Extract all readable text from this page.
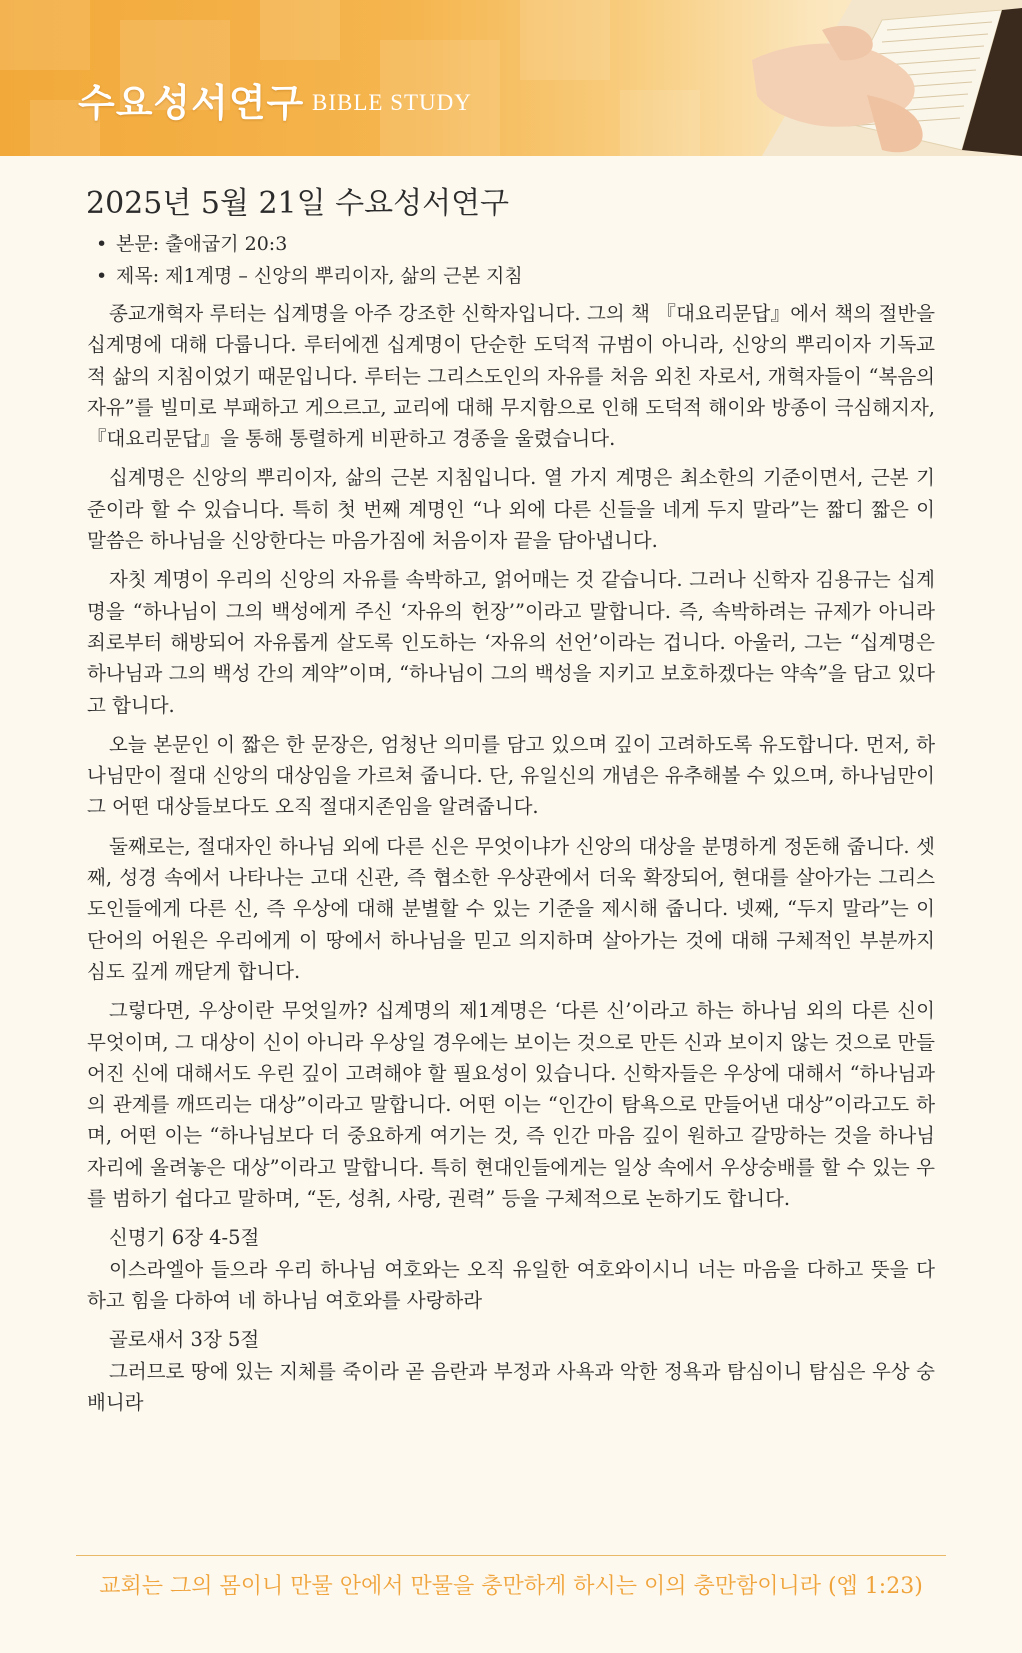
수요성서연구 BIBLE STUDY
2025년 5월 21일 수요성서연구
• 본문: 출애굽기 20:3
• 제목: 제1계명 – 신앙의 뿌리이자, 삶의 근본 지침

종교개혁자 루터는 십계명을 아주 강조한 신학자입니다. 그의 책 『대요리문답』에서 책의 절반을 십계명에 대해 다룹니다. 루터에겐 십계명이 단순한 도덕적 규범이 아니라, 신앙의 뿌리이자 기독교적 삶의 지침이었기 때문입니다. 루터는 그리스도인의 자유를 처음 외친 자로서, 개혁자들이 “복음의 자유”를 빌미로 부패하고 게으르고, 교리에 대해 무지함으로 인해 도덕적 해이와 방종이 극심해지자, 『대요리문답』을 통해 통렬하게 비판하고 경종을 울렸습니다.

십계명은 신앙의 뿌리이자, 삶의 근본 지침입니다. 열 가지 계명은 최소한의 기준이면서, 근본 기준이라 할 수 있습니다. 특히 첫 번째 계명인 “나 외에 다른 신들을 네게 두지 말라”는 짧디 짧은 이 말씀은 하나님을 신앙한다는 마음가짐에 처음이자 끝을 담아냅니다.

자칫 계명이 우리의 신앙의 자유를 속박하고, 얽어매는 것 같습니다. 그러나 신학자 김용규는 십계명을 “하나님이 그의 백성에게 주신 ‘자유의 헌장’”이라고 말합니다. 즉, 속박하려는 규제가 아니라 죄로부터 해방되어 자유롭게 살도록 인도하는 ‘자유의 선언’이라는 겁니다. 아울러, 그는 “십계명은 하나님과 그의 백성 간의 계약”이며, “하나님이 그의 백성을 지키고 보호하겠다는 약속”을 담고 있다고 합니다.

오늘 본문인 이 짧은 한 문장은, 엄청난 의미를 담고 있으며 깊이 고려하도록 유도합니다. 먼저, 하나님만이 절대 신앙의 대상임을 가르쳐 줍니다. 단, 유일신의 개념은 유추해볼 수 있으며, 하나님만이 그 어떤 대상들보다도 오직 절대지존임을 알려줍니다.

둘째로는, 절대자인 하나님 외에 다른 신은 무엇이냐가 신앙의 대상을 분명하게 정돈해 줍니다. 셋째, 성경 속에서 나타나는 고대 신관, 즉 협소한 우상관에서 더욱 확장되어, 현대를 살아가는 그리스도인들에게 다른 신, 즉 우상에 대해 분별할 수 있는 기준을 제시해 줍니다. 넷째, “두지 말라”는 이 단어의 어원은 우리에게 이 땅에서 하나님을 믿고 의지하며 살아가는 것에 대해 구체적인 부분까지 심도 깊게 깨닫게 합니다.

그렇다면, 우상이란 무엇일까? 십계명의 제1계명은 ‘다른 신’이라고 하는 하나님 외의 다른 신이 무엇이며, 그 대상이 신이 아니라 우상일 경우에는 보이는 것으로 만든 신과 보이지 않는 것으로 만들어진 신에 대해서도 우린 깊이 고려해야 할 필요성이 있습니다. 신학자들은 우상에 대해서 “하나님과의 관계를 깨뜨리는 대상”이라고 말합니다. 어떤 이는 “인간이 탐욕으로 만들어낸 대상”이라고도 하며, 어떤 이는 “하나님보다 더 중요하게 여기는 것, 즉 인간 마음 깊이 원하고 갈망하는 것을 하나님 자리에 올려놓은 대상”이라고 말합니다. 특히 현대인들에게는 일상 속에서 우상숭배를 할 수 있는 우를 범하기 쉽다고 말하며, “돈, 성취, 사랑, 권력” 등을 구체적으로 논하기도 합니다.

신명기 6장 4-5절

이스라엘아 들으라 우리 하나님 여호와는 오직 유일한 여호와이시니 너는 마음을 다하고 뜻을 다하고 힘을 다하여 네 하나님 여호와를 사랑하라

골로새서 3장 5절

그러므로 땅에 있는 지체를 죽이라 곧 음란과 부정과 사욕과 악한 정욕과 탐심이니 탐심은 우상 숭배니라

교회는 그의 몸이니 만물 안에서 만물을 충만하게 하시는 이의 충만함이니라 (엡 1:23)
